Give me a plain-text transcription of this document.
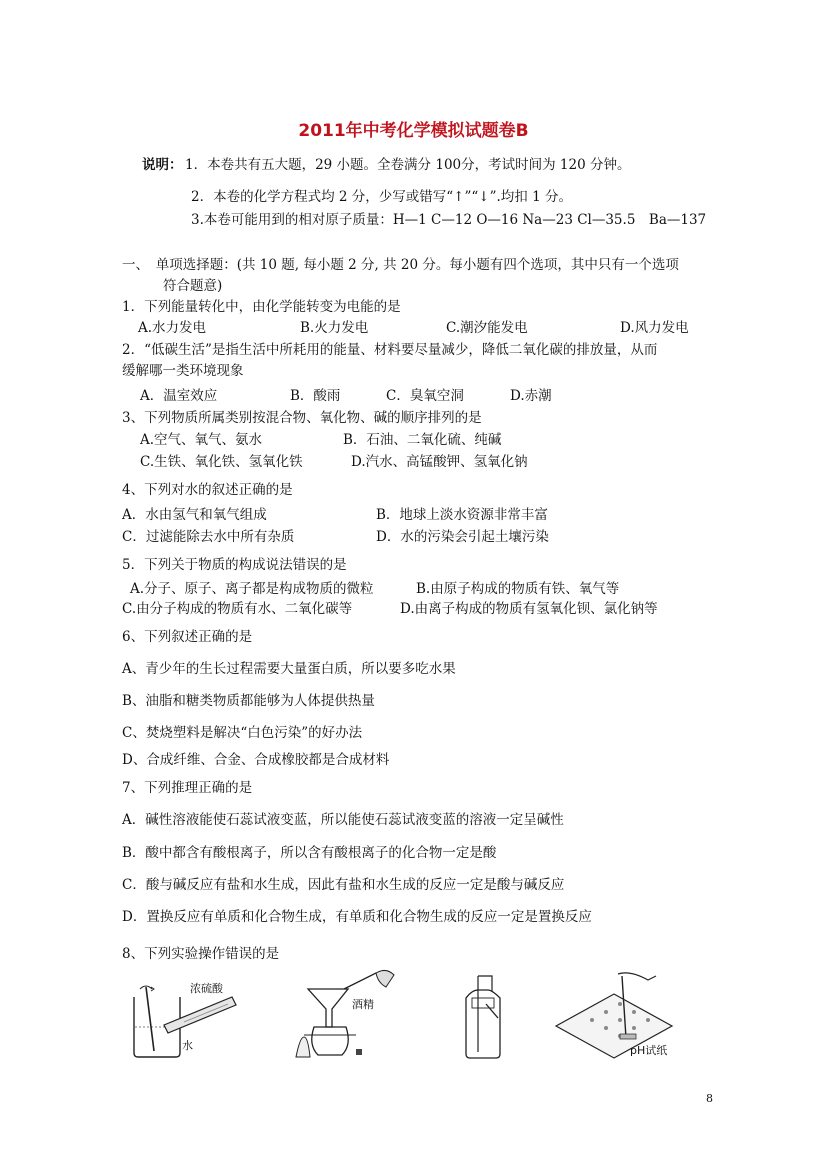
2011年中考化学模拟试题卷B
说明： 1．本卷共有五大题，29 小题。全卷满分 100分，考试时间为 120 分钟。
2．本卷的化学方程式均 2 分，少写或错写“↑”“↓”.均扣 1 分。
3.本卷可能用到的相对原子质量：H—1 C—12 O—16 Na—23 Cl—35.5　Ba—137
一、　单项选择题：(共 10 题, 每小题 2 分, 共 20 分。每小题有四个选项，其中只有一个选项
符合题意)
1．下列能量转化中，由化学能转变为电能的是
A.水力发电	B.火力发电	C.潮汐能发电	D.风力发电
2．“低碳生活”是指生活中所耗用的能量、材料要尽量减少，降低二氧化碳的排放量，从而
缓解哪一类环境现象
A．温室效应	B．酸雨	C．臭氧空洞	D.赤潮
3、下列物质所属类别按混合物、氧化物、碱的顺序排列的是
A.空气、氧气、氨水	B．石油、二氧化硫、纯碱
C.生铁、氧化铁、氢氧化铁	D.汽水、高锰酸钾、氢氧化钠
4、下列对水的叙述正确的是
A．水由氢气和氧气组成	B．地球上淡水资源非常丰富
C．过滤能除去水中所有杂质	D．水的污染会引起土壤污染
5．下列关于物质的构成说法错误的是
A.分子、原子、离子都是构成物质的微粒	B.由原子构成的物质有铁、氧气等
C.由分子构成的物质有水、二氧化碳等	D.由离子构成的物质有氢氧化钡、氯化钠等
6、下列叙述正确的是
A、青少年的生长过程需要大量蛋白质，所以要多吃水果
B、油脂和糖类物质都能够为人体提供热量
C、焚烧塑料是解决“白色污染”的好办法
D、合成纤维、合金、合成橡胶都是合成材料
7、下列推理正确的是
A．碱性溶液能使石蕊试液变蓝，所以能使石蕊试液变蓝的溶液一定呈碱性
B．酸中都含有酸根离子，所以含有酸根离子的化合物一定是酸
C．酸与碱反应有盐和水生成，因此有盐和水生成的反应一定是酸与碱反应
D．置换反应有单质和化合物生成，有单质和化合物生成的反应一定是置换反应
8、下列实验操作错误的是
浓硫酸
水
酒精
pH试纸
8
